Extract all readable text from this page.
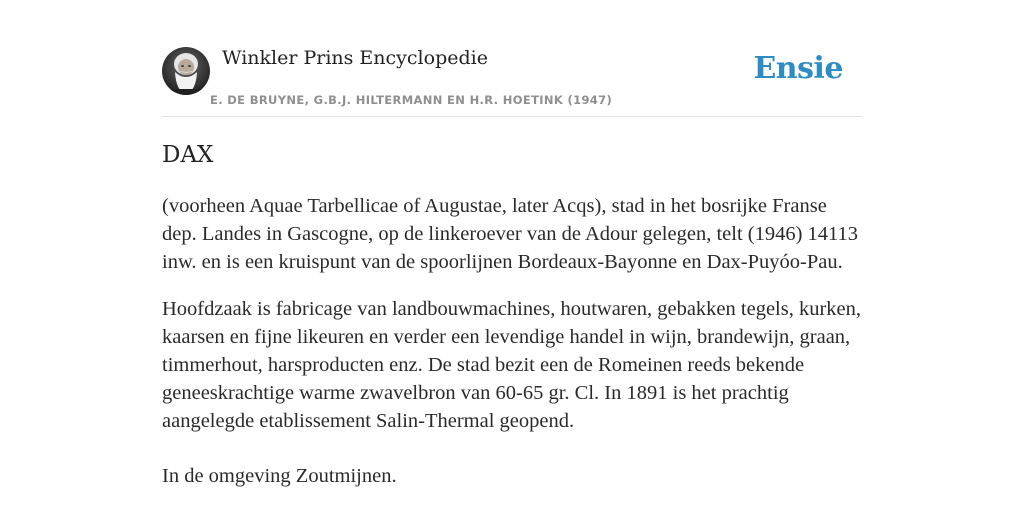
Winkler Prins Encyclopedie
E. DE BRUYNE, G.B.J. HILTERMANN EN H.R. HOETINK (1947)
Ensie
DAX

(voorheen Aquae Tarbellicae of Augustae, later Acqs), stad in het bosrijke Franse dep. Landes in Gascogne, op de linkeroever van de Adour gelegen, telt (1946) 14113 inw. en is een kruispunt van de spoorlijnen Bordeaux-Bayonne en Dax-Puyóo-Pau.

Hoofdzaak is fabricage van landbouwmachines, houtwaren, gebakken tegels, kurken, kaarsen en fijne likeuren en verder een levendige handel in wijn, brandewijn, graan, timmerhout, harsproducten enz. De stad bezit een de Romeinen reeds bekende geneeskrachtige warme zwavelbron van 60-65 gr. Cl. In 1891 is het prachtig aangelegde etablissement Salin-Thermal geopend.

In de omgeving Zoutmijnen.
